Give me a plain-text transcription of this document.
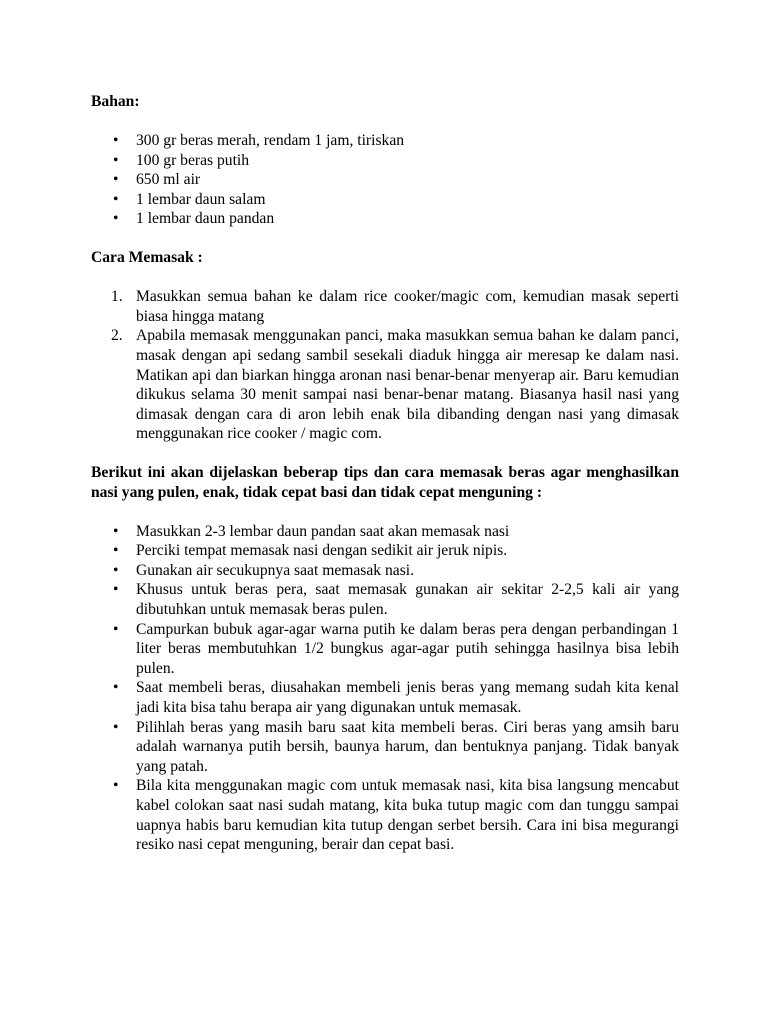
Bahan:

• 300 gr beras merah, rendam 1 jam, tiriskan
• 100 gr beras putih
• 650 ml air
• 1 lembar daun salam
• 1 lembar daun pandan

Cara Memasak :

1. Masukkan semua bahan ke dalam rice cooker/magic com, kemudian masak seperti biasa hingga matang
2. Apabila memasak menggunakan panci, maka masukkan semua bahan ke dalam panci, masak dengan api sedang sambil sesekali diaduk hingga air meresap ke dalam nasi. Matikan api dan biarkan hingga aronan nasi benar-benar menyerap air. Baru kemudian dikukus selama 30 menit sampai nasi benar-benar matang. Biasanya hasil nasi yang dimasak dengan cara di aron lebih enak bila dibanding dengan nasi yang dimasak menggunakan rice cooker / magic com.

Berikut ini akan dijelaskan beberap tips dan cara memasak beras agar menghasilkan nasi yang pulen, enak, tidak cepat basi dan tidak cepat menguning :

• Masukkan 2-3 lembar daun pandan saat akan memasak nasi
• Perciki tempat memasak nasi dengan sedikit air jeruk nipis.
• Gunakan air secukupnya saat memasak nasi.
• Khusus untuk beras pera, saat memasak gunakan air sekitar 2-2,5 kali air yang dibutuhkan untuk memasak beras pulen.
• Campurkan bubuk agar-agar warna putih ke dalam beras pera dengan perbandingan 1 liter beras membutuhkan 1/2 bungkus agar-agar putih sehingga hasilnya bisa lebih pulen.
• Saat membeli beras, diusahakan membeli jenis beras yang memang sudah kita kenal jadi kita bisa tahu berapa air yang digunakan untuk memasak.
• Pilihlah beras yang masih baru saat kita membeli beras. Ciri beras yang amsih baru adalah warnanya putih bersih, baunya harum, dan bentuknya panjang. Tidak banyak yang patah.
• Bila kita menggunakan magic com untuk memasak nasi, kita bisa langsung mencabut kabel colokan saat nasi sudah matang, kita buka tutup magic com dan tunggu sampai uapnya habis baru kemudian kita tutup dengan serbet bersih. Cara ini bisa megurangi resiko nasi cepat menguning, berair dan cepat basi.
